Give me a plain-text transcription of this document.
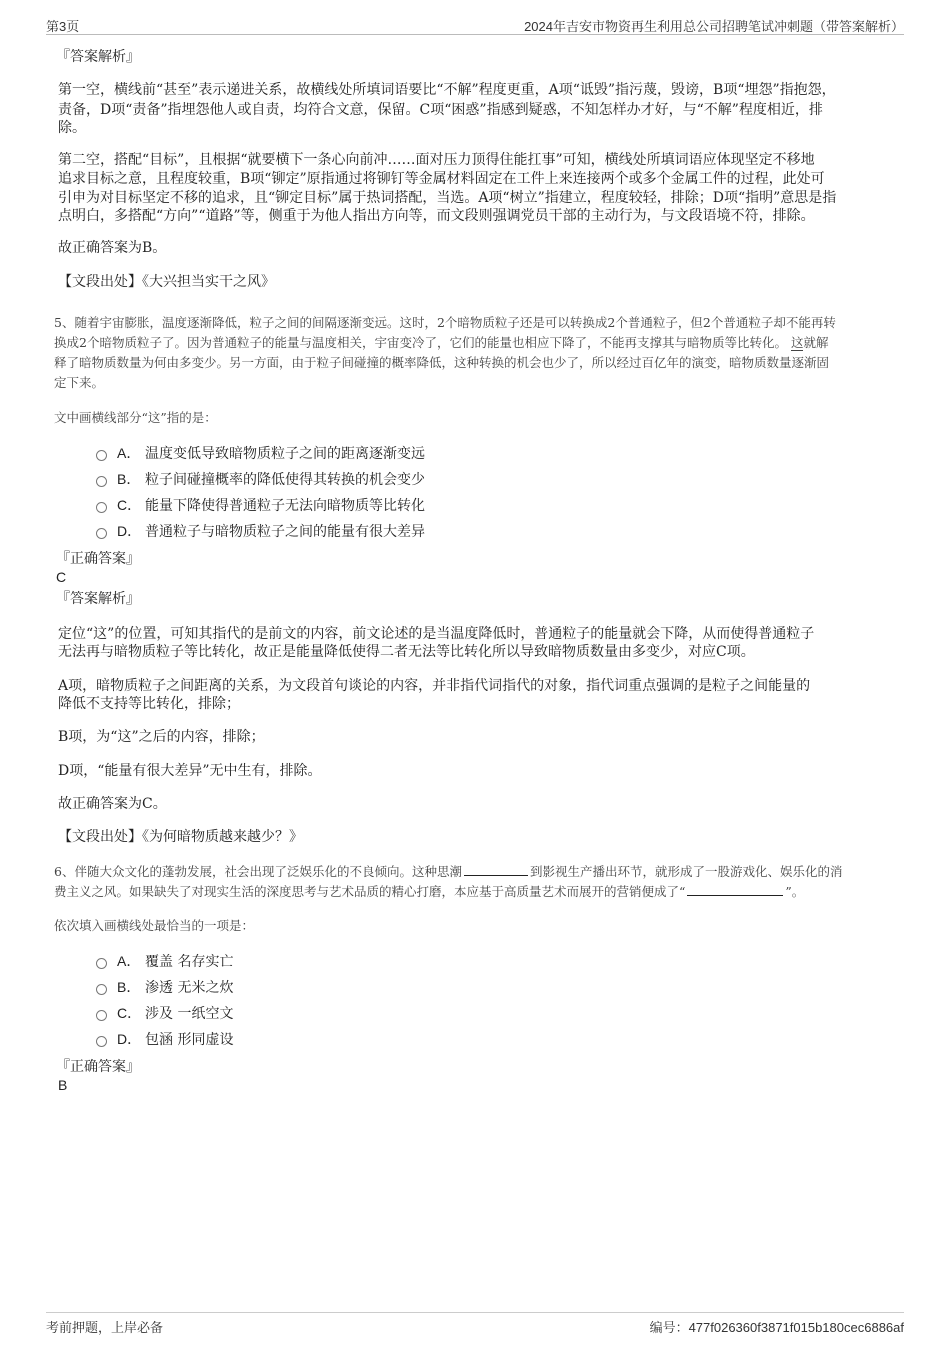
第3页	2024年吉安市物资再生利用总公司招聘笔试冲刺题（带答案解析）

『答案解析』

第一空，横线前“甚至”表示递进关系，故横线处所填词语要比“不解”程度更重，A项“诋毁”指污蔑，毁谤，B项“埋怨”指抱怨，

责备，D项“责备”指埋怨他人或自责，均符合文意，保留。C项“困惑”指感到疑惑，不知怎样办才好，与“不解”程度相近，排

除。

第二空，搭配“目标”，且根据“就要横下一条心向前冲……面对压力顶得住能扛事”可知，横线处所填词语应体现坚定不移地

追求目标之意，且程度较重，B项“铆定”原指通过将铆钉等金属材料固定在工件上来连接两个或多个金属工件的过程，此处可

引申为对目标坚定不移的追求，且“铆定目标”属于热词搭配，当选。A项“树立”指建立，程度较轻，排除；D项“指明”意思是指

点明白，多搭配“方向”“道路”等，侧重于为他人指出方向等，而文段则强调党员干部的主动行为，与文段语境不符，排除。

故正确答案为B。

【文段出处】《大兴担当实干之风》

5、随着宇宙膨胀，温度逐渐降低，粒子之间的间隔逐渐变远。这时，2个暗物质粒子还是可以转换成2个普通粒子，但2个普通粒子却不能再转

换成2个暗物质粒子了。因为普通粒子的能量与温度相关，宇宙变冷了，它们的能量也相应下降了，不能再支撑其与暗物质等比转化。 这就解

释了暗物质数量为何由多变少。另一方面，由于粒子间碰撞的概率降低，这种转换的机会也少了，所以经过百亿年的演变，暗物质数量逐渐固

定下来。

文中画横线部分“这”指的是：

A． 温度变低导致暗物质粒子之间的距离逐渐变远
B． 粒子间碰撞概率的降低使得其转换的机会变少
C． 能量下降使得普通粒子无法向暗物质等比转化
D． 普通粒子与暗物质粒子之间的能量有很大差异

『正确答案』

C

『答案解析』

定位“这”的位置，可知其指代的是前文的内容，前文论述的是当温度降低时，普通粒子的能量就会下降，从而使得普通粒子

无法再与暗物质粒子等比转化，故正是能量降低使得二者无法等比转化所以导致暗物质数量由多变少，对应C项。

A项，暗物质粒子之间距离的关系，为文段首句谈论的内容，并非指代词指代的对象，指代词重点强调的是粒子之间能量的

降低不支持等比转化，排除；

B项，为“这”之后的内容，排除；

D项，“能量有很大差异”无中生有，排除。

故正确答案为C。

【文段出处】《为何暗物质越来越少？》

6、伴随大众文化的蓬勃发展，社会出现了泛娱乐化的不良倾向。这种思潮	到影视生产播出环节，就形成了一股游戏化、娱乐化的消

费主义之风。如果缺失了对现实生活的深度思考与艺术品质的精心打磨，本应基于高质量艺术而展开的营销便成了“	”。

依次填入画横线处最恰当的一项是：

A． 覆盖 名存实亡
B． 渗透 无米之炊
C． 涉及 一纸空文
D． 包涵 形同虚设

『正确答案』

B

考前押题，上岸必备	编号：477f026360f3871f015b180cec6886af
